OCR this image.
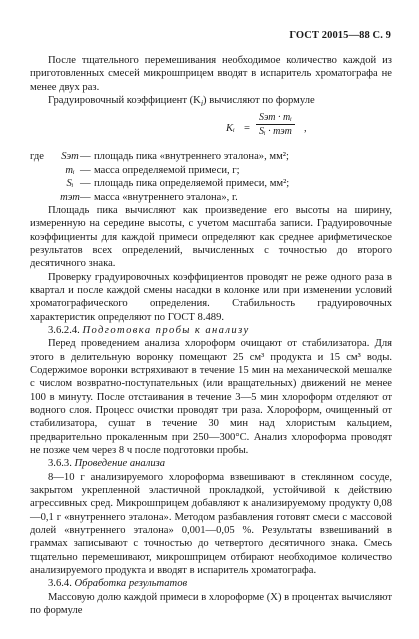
ГОСТ 20015—88 С. 9

После тщательного перемешивания необходимое количество каждой из приготовленных смесей микрошприцем вводят в испаритель хроматографа не менее двух раз.

Градуировочный коэффициент $(K_i)$ вычисляют по формуле

Kᵢ =
Sэт · mᵢ
Sᵢ · mэт ,
где	Sэт — площадь пика «внутреннего эталона», мм²;
mᵢ — масса определяемой примеси, г;
Sᵢ — площадь пика определяемой примеси, мм²;
mэт — масса «внутреннего эталона», г.

Площадь пика вычисляют как произведение его высоты на ширину, измеренную на середине высоты, с учетом масштаба записи. Градуировочные коэффициенты для каждой примеси определяют как среднее арифметическое результатов всех определений, вычисленных с точностью до второго десятичного знака.

Проверку градуировочных коэффициентов проводят не реже одного раза в квартал и после каждой смены насадки в колонке или при изменении условий хроматографического определения. Стабильность градуировочных характеристик определяют по ГОСТ 8.489.

3.6.2.4. Подготовка пробы к анализу

Перед проведением анализа хлороформ очищают от стабилизатора. Для этого в делительную воронку помещают 25 см³ продукта и 15 см³ воды. Содержимое воронки встряхивают в течение 15 мин на механической мешалке с числом возвратно-поступательных (или вращательных) движений не менее 100 в минуту. После отстаивания в течение 3—5 мин хлороформ отделяют от водного слоя. Процесс очистки проводят три раза. Хлороформ, очищенный от стабилизатора, сушат в течение 30 мин над хлористым кальцием, предварительно прокаленным при 250—300°С. Анализ хлороформа проводят не позже чем через 8 ч после подготовки пробы.

3.6.3. Проведение анализа

8—10 г анализируемого хлороформа взвешивают в стеклянном сосуде, закрытом укрепленной эластичной прокладкой, устойчивой к действию агрессивных сред. Микрошприцем добавляют к анализируемому продукту 0,08—0,1 г «внутреннего эталона». Методом разбавления готовят смеси с массовой долей «внутреннего эталона» 0,001—0,05 %. Результаты взвешиваний в граммах записывают с точностью до четвертого десятичного знака. Смесь тщательно перемешивают, микрошприцем отбирают необходимое количество анализируемого продукта и вводят в испаритель хроматографа.

3.6.4. Обработка результатов

Массовую долю каждой примеси в хлороформе (X) в процентах вычисляют по формуле
